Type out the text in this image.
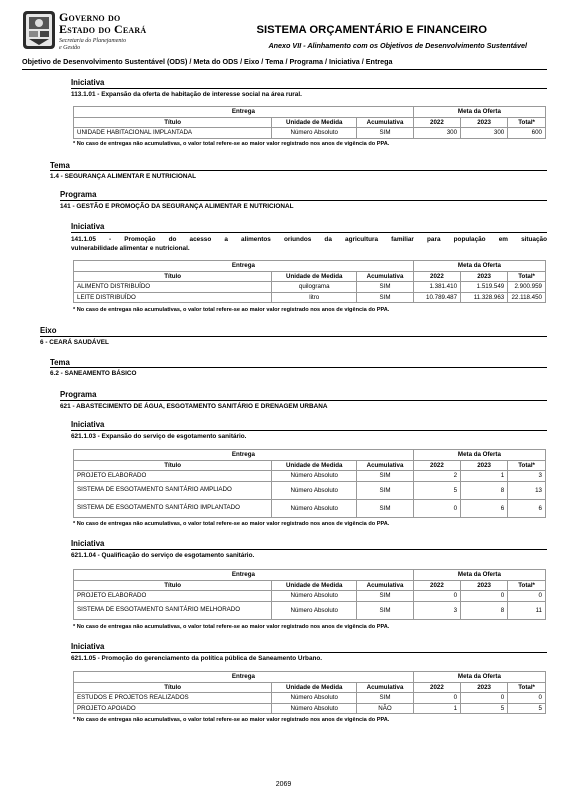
Governo do
Estado do Ceará
Secretaria do Planejamento
e Gestão
SISTEMA ORÇAMENTÁRIO E FINANCEIRO
Anexo VII - Alinhamento com os Objetivos de Desenvolvimento Sustentável
Objetivo de Desenvolvimento Sustentável (ODS) / Meta do ODS / Eixo / Tema / Programa / Iniciativa / Entrega
Iniciativa
113.1.01 - Expansão da oferta de habitação de interesse social na área rural.
Entrega			Meta da Oferta		
Título	Unidade de Medida	Acumulativa	2022	2023	Total*
UNIDADE HABITACIONAL IMPLANTADA	Número Absoluto	SIM	300	300	600
* No caso de entregas não acumulativas, o valor total refere-se ao maior valor registrado nos anos de vigência do PPA.
Tema
1.4 - SEGURANÇA ALIMENTAR E NUTRICIONAL
Programa
141 - GESTÃO E PROMOÇÃO DA SEGURANÇA ALIMENTAR E NUTRICIONAL
Iniciativa
141.1.05 - Promoção do acesso a alimentos oriundos da agricultura familiar para população em situação
vulnerabilidade alimentar e nutricional.
Entrega			Meta da Oferta		
Título	Unidade de Medida	Acumulativa	2022	2023	Total*
ALIMENTO DISTRIBUÍDO	quilograma	SIM	1.381.410	1.519.549	2.900.959
LEITE DISTRIBUÍDO	litro	SIM	10.789.487	11.328.963	22.118.450
* No caso de entregas não acumulativas, o valor total refere-se ao maior valor registrado nos anos de vigência do PPA.
Eixo
6 - CEARÁ SAUDÁVEL
Tema
6.2 - SANEAMENTO BÁSICO
Programa
621 - ABASTECIMENTO DE ÁGUA, ESGOTAMENTO SANITÁRIO E DRENAGEM URBANA
Iniciativa
621.1.03 - Expansão do serviço de esgotamento sanitário.
Entrega			Meta da Oferta		
Título	Unidade de Medida	Acumulativa	2022	2023	Total*
PROJETO ELABORADO	Número Absoluto	SIM	2	1	3
SISTEMA DE ESGOTAMENTO SANITÁRIO AMPLIADO	Número Absoluto	SIM	5	8	13
SISTEMA DE ESGOTAMENTO SANITÁRIO IMPLANTADO	Número Absoluto	SIM	0	6	6
* No caso de entregas não acumulativas, o valor total refere-se ao maior valor registrado nos anos de vigência do PPA.
Iniciativa
621.1.04 - Qualificação do serviço de esgotamento sanitário.
Entrega			Meta da Oferta		
Título	Unidade de Medida	Acumulativa	2022	2023	Total*
PROJETO ELABORADO	Número Absoluto	SIM	0	0	0
SISTEMA DE ESGOTAMENTO SANITÁRIO MELHORADO	Número Absoluto	SIM	3	8	11
* No caso de entregas não acumulativas, o valor total refere-se ao maior valor registrado nos anos de vigência do PPA.
Iniciativa
621.1.05 - Promoção do gerenciamento da política pública de Saneamento Urbano.
Entrega			Meta da Oferta		
Título	Unidade de Medida	Acumulativa	2022	2023	Total*
ESTUDOS E PROJETOS REALIZADOS	Número Absoluto	SIM	0	0	0
PROJETO APOIADO	Número Absoluto	NÃO	1	5	5
* No caso de entregas não acumulativas, o valor total refere-se ao maior valor registrado nos anos de vigência do PPA.
2069
